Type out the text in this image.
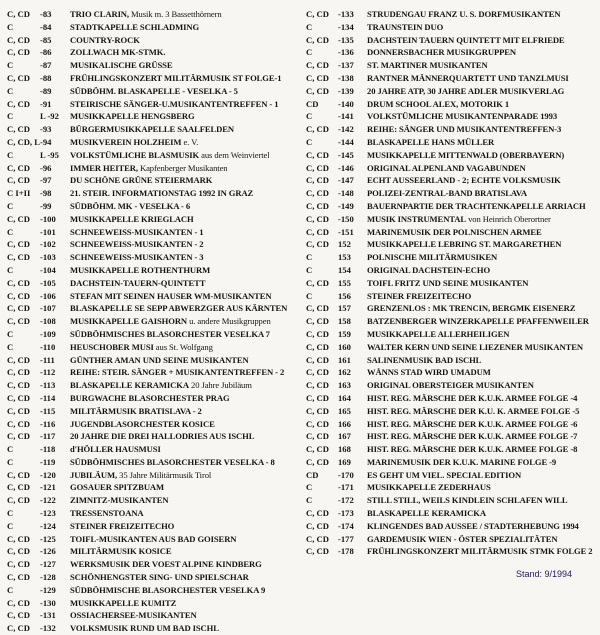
C, CD	-83	TRIO CLARIN, Musik m. 3 Bassetthörnern
C	-84	STADTKAPELLE SCHLADMING
C, CD	-85	COUNTRY-ROCK
C, CD	-86	ZOLLWACH MK-STMK.
C	-87	MUSIKALISCHE GRÜSSE
C, CD	-88	FRÜHLINGSKONZERT MILITÄRMUSIK ST FOLGE-1
C	-89	SÜDBÖHM. BLASKAPELLE - VESELKA - 5
C, CD	-91	STEIRISCHE SÄNGER-U.MUSIKANTENTREFFEN - 1
C	L -92	MUSIKKAPELLE HENGSBERG
C, CD	-93	BÜRGERMUSIKKAPELLE SAALFELDEN
C, CD, L -94	MUSIKVEREIN HOLZHEIM e. V.
C	L -95	VOLKSTÜMLICHE BLASMUSIK aus dem Weinviertel
C, CD	-96	IMMER HEITER, Kapfenberger Musikanten
C, CD	-97	DU SCHÖNE GRÜNE STEIERMARK
C I+II	-98	21. STEIR. INFORMATIONSTAG 1992 IN GRAZ
C	-99	SÜDBÖHM. MK - VESELKA - 6
C, CD	-100	MUSIKKAPELLE KRIEGLACH
C	-101	SCHNEEWEISS-MUSIKANTEN - 1
C, CD	-102	SCHNEEWEISS-MUSIKANTEN - 2
C, CD	-103	SCHNEEWEISS-MUSIKANTEN - 3
C	-104	MUSIKKAPELLE ROTHENTHURM
C, CD	-105	DACHSTEIN-TAUERN-QUINTETT
C, CD	-106	STEFAN MIT SEINEN HAUSER WM-MUSIKANTEN
C, CD	-107	BLASKAPELLE SE SEPP ABWERZGER AUS KÄRNTEN
C, CD	-108	MUSIKKAPELLE GAISHORN u. andere Musikgruppen
C	-109	SÜDBÖHMISCHES BLASORCHESTER VESELKA 7
C	-110	HEUSCHOBER MUSI aus St. Wolfgang
C, CD	-111	GÜNTHER AMAN UND SEINE MUSIKANTEN
C, CD	-112	REIHE: STEIR. SÄNGER + MUSIKANTENTREFFEN - 2
C, CD	-113	BLASKAPELLE KERAMICKA 20 Jahre Jubiläum
C, CD	-114	BURGWACHE BLASORCHESTER PRAG
C, CD	-115	MILITÄRMUSIK BRATISLAVA - 2
C, CD	-116	JUGENDBLASORCHESTER KOSICE
C, CD	-117	20 JAHRE DIE DREI HALLODRIES AUS ISCHL
C	-118	d'HÖLLER HAUSMUSI
C	-119	SÜDBÖHMISCHES BLASORCHESTER VESELKA - 8
C, CD	-120	JUBILÄUM, 35 Jahre Militärmusik Tirol
C, CD	-121	GOSAUER SPITZBUAM
C, CD	-122	ZIMNITZ-MUSIKANTEN
C	-123	TRESSENSTOANA
C	-124	STEINER FREIZEITECHO
C, CD	-125	TOIFL-MUSIKANTEN AUS BAD GOISERN
C, CD	-126	MILITÄRMUSIK KOSICE
C, CD	-127	WERKSMUSIK DER VOEST ALPINE KINDBERG
C, CD	-128	SCHÖNHENGSTER SING- UND SPIELSCHAR
C	-129	SÜDBÖHMISCHE BLASORCHESTER VESELKA 9
C, CD	-130	MUSIKKAPELLE KUMITZ
C, CD	-131	OSSIACHERSEE-MUSIKANTEN
C, CD	-132	VOLKSMUSIK RUND UM BAD ISCHL
C, CD	-133	STRUDENGAU FRANZ U. S. DORFMUSIKANTEN
C	-134	TRAUNSTEIN DUO
C, CD	-135	DACHSTEIN TAUERN QUINTETT MIT ELFRIEDE
C	-136	DONNERSBACHER MUSIKGRUPPEN
C, CD	-137	ST. MARTINER MUSIKANTEN
C, CD	-138	RANTNER MÄNNERQUARTETT UND TANZLMUSI
C, CD	-139	20 JAHRE ATP, 30 JAHRE ADLER MUSIKVERLAG
CD	-140	DRUM SCHOOL ALEX, MOTORIK 1
C	-141	VOLKSTÜMLICHE MUSIKANTENPARADE 1993
C, CD	-142	REIHE: SÄNGER UND MUSIKANTENTREFFEN-3
C	-144	BLASKAPELLE HANS MÜLLER
C, CD	-145	MUSIKKAPELLE MITTENWALD (OBERBAYERN)
C, CD	-146	ORIGINAL ALPENLAND VAGABUNDEN
C, CD	-147	ECHT AUSSEERLAND - 2; ECHTE VOLKSMUSIK
C, CD	-148	POLIZEI-ZENTRAL-BAND BRATISLAVA
C, CD	-149	BAUERNPARTIE DER TRACHTENKAPELLE ARRIACH
C, CD	-150	MUSIK INSTRUMENTAL von Heinrich Oberortner
C, CD	-151	MARINEMUSIK DER POLNISCHEN ARMEE
C, CD	152	MUSIKKAPELLE LEBRING ST. MARGARETHEN
C	153	POLNISCHE MILITÄRMUSIKEN
C	154	ORIGINAL DACHSTEIN-ECHO
C, CD	155	TOIFL FRITZ UND SEINE MUSIKANTEN
C	156	STEINER FREIZEITECHO
C, CD	157	GRENZENLOS : MK TRENCIN, BERGMK EISENERZ
C, CD	158	BATZENBERGER WINZERKAPELLE PFAFFENWEILER
C, CD	159	MUSIKKAPELLE ALLERHEILIGEN
C, CD	160	WALTER KERN UND SEINE LIEZENER MUSIKANTEN
C, CD	161	SALINENMUSIK BAD ISCHL
C, CD	162	WÅNNS STAD WIRD UMADUM
C, CD	163	ORIGINAL OBERSTEIGER MUSIKANTEN
C, CD	164	HIST. REG. MÄRSCHE DER K.U.K. ARMEE FOLGE -4
C, CD	165	HIST. REG. MÄRSCHE DER K.U. K. ARMEE FOLGE -5
C, CD	166	HIST. REG. MÄRSCHE DER K.U.K. ARMEE FOLGE -6
C, CD	167	HIST. REG. MÄRSCHE DER K.U.K. ARMEE FOLGE -7
C, CD	168	HIST. REG. MÄRSCHE DER K.U.K. ARMEE FOLGE -8
C, CD	169	MARINEMUSIK DER K.U.K. MARINE FOLGE -9
CD	-170	ES GEHT UM VIEL. SPECIAL EDITION
C	-171	MUSIKKAPELLE ZEDERHAUS
C	-172	STILL STILL, WEILS KINDLEIN SCHLAFEN WILL
C, CD	-173	BLASKAPELLE KERAMICKA
C, CD	-174	KLINGENDES BAD AUSSEE / STADTERHEBUNG 1994
C, CD	-177	GARDEMUSIK WIEN - ÖSTER SPEZIALITÄTEN
C, CD	-178	FRÜHLINGSKONZERT MILITÄRMUSIK STMK FOLGE 2
Stand: 9/1994
